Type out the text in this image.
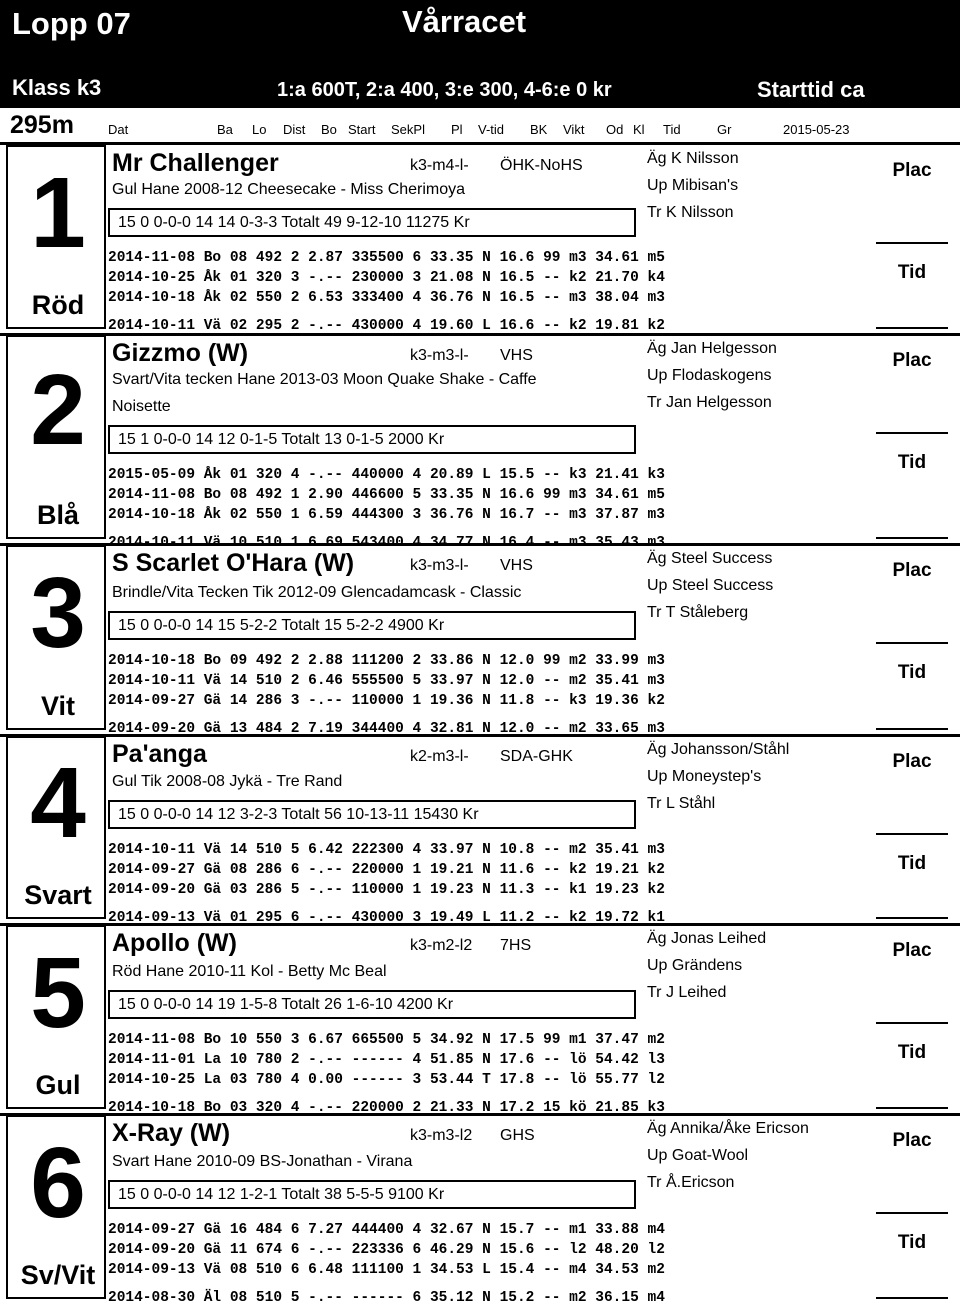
Lopp 07	Vårracet
Klass k3	1:a 600T, 2:a 400, 3:e 300, 4-6:e 0 kr	Starttid ca
295m	Dat	Ba Lo Dist Bo Start SekPl Pl V-tid BK Vikt Od Kl Tid	Gr	2015-05-23
1
Röd
Mr Challenger	k3-m4-l- ÖHK-NoHS	Äg K Nilsson
Up Mibisan's
Tr K Nilsson
Gul Hane 2008-12 Cheesecake - Miss Cherimoya
15 0 0-0-0 14 14 0-3-3 Totalt 49 9-12-10 11275 Kr
2014-11-08 Bo 08 492 2 2.87 335500 6 33.35 N 16.6 99 m3 34.61 m5
2014-10-25 Åk 01 320 3 -.-- 230000 3 21.08 N 16.5 -- k2 21.70 k4
2014-10-18 Åk 02 550 2 6.53 333400 4 36.76 N 16.5 -- m3 38.04 m3
2014-10-11 Vä 02 295 2 -.-- 430000 4 19.60 L 16.6 -- k2 19.81 k2
Plac
Tid
2
Blå
Gizzmo (W)	k3-m3-l- VHS	Äg Jan Helgesson
Up Flodaskogens
Tr Jan Helgesson
Svart/Vita tecken Hane 2013-03 Moon Quake Shake - Caffe
Noisette
15 1 0-0-0 14 12 0-1-5 Totalt 13 0-1-5 2000 Kr
2015-05-09 Åk 01 320 4 -.-- 440000 4 20.89 L 15.5 -- k3 21.41 k3
2014-11-08 Bo 08 492 1 2.90 446600 5 33.35 N 16.6 99 m3 34.61 m5
2014-10-18 Åk 02 550 1 6.59 444300 3 36.76 N 16.7 -- m3 37.87 m3
2014-10-11 Vä 10 510 1 6.69 543400 4 34.77 N 16.4 -- m3 35.43 m3
Plac
Tid
3
Vit
S Scarlet O'Hara (W)	k3-m3-l- VHS	Äg Steel Success
Up Steel Success
Tr T Ståleberg
Brindle/Vita Tecken Tik 2012-09 Glencadamcask - Classic
15 0 0-0-0 14 15 5-2-2 Totalt 15 5-2-2 4900 Kr
2014-10-18 Bo 09 492 2 2.88 111200 2 33.86 N 12.0 99 m2 33.99 m3
2014-10-11 Vä 14 510 2 6.46 555500 5 33.97 N 12.0 -- m2 35.41 m3
2014-09-27 Gä 14 286 3 -.-- 110000 1 19.36 N 11.8 -- k3 19.36 k2
2014-09-20 Gä 13 484 2 7.19 344400 4 32.81 N 12.0 -- m2 33.65 m3
Plac
Tid
4
Svart
Pa'anga	k2-m3-l- SDA-GHK	Äg Johansson/Ståhl
Up Moneystep's
Tr L Ståhl
Gul Tik 2008-08 Jykä - Tre Rand
15 0 0-0-0 14 12 3-2-3 Totalt 56 10-13-11 15430 Kr
2014-10-11 Vä 14 510 5 6.42 222300 4 33.97 N 10.8 -- m2 35.41 m3
2014-09-27 Gä 08 286 6 -.-- 220000 1 19.21 N 11.6 -- k2 19.21 k2
2014-09-20 Gä 03 286 5 -.-- 110000 1 19.23 N 11.3 -- k1 19.23 k2
2014-09-13 Vä 01 295 6 -.-- 430000 3 19.49 L 11.2 -- k2 19.72 k1
Plac
Tid
5
Gul
Apollo (W)	k3-m2-l2 7HS	Äg Jonas Leihed
Up Grändens
Tr J Leihed
Röd Hane 2010-11 Kol - Betty Mc Beal
15 0 0-0-0 14 19 1-5-8 Totalt 26 1-6-10 4200 Kr
2014-11-08 Bo 10 550 3 6.67 665500 5 34.92 N 17.5 99 m1 37.47 m2
2014-11-01 La 10 780 2 -.-- ------ 4 51.85 N 17.6 -- lö 54.42 l3
2014-10-25 La 03 780 4 0.00 ------ 3 53.44 T 17.8 -- lö 55.77 l2
2014-10-18 Bo 03 320 4 -.-- 220000 2 21.33 N 17.2 15 kö 21.85 k3
Plac
Tid
6
Sv/Vit
X-Ray (W)	k3-m3-l2 GHS	Äg Annika/Åke Ericson
Up Goat-Wool
Tr Å.Ericson
Svart Hane 2010-09 BS-Jonathan - Virana
15 0 0-0-0 14 12 1-2-1 Totalt 38 5-5-5 9100 Kr
2014-09-27 Gä 16 484 6 7.27 444400 4 32.67 N 15.7 -- m1 33.88 m4
2014-09-20 Gä 11 674 6 -.-- 223336 6 46.29 N 15.6 -- l2 48.20 l2
2014-09-13 Vä 08 510 6 6.48 111100 1 34.53 L 15.4 -- m4 34.53 m2
2014-08-30 Äl 08 510 5 -.-- ------ 6 35.12 N 15.2 -- m2 36.15 m4
Plac
Tid
